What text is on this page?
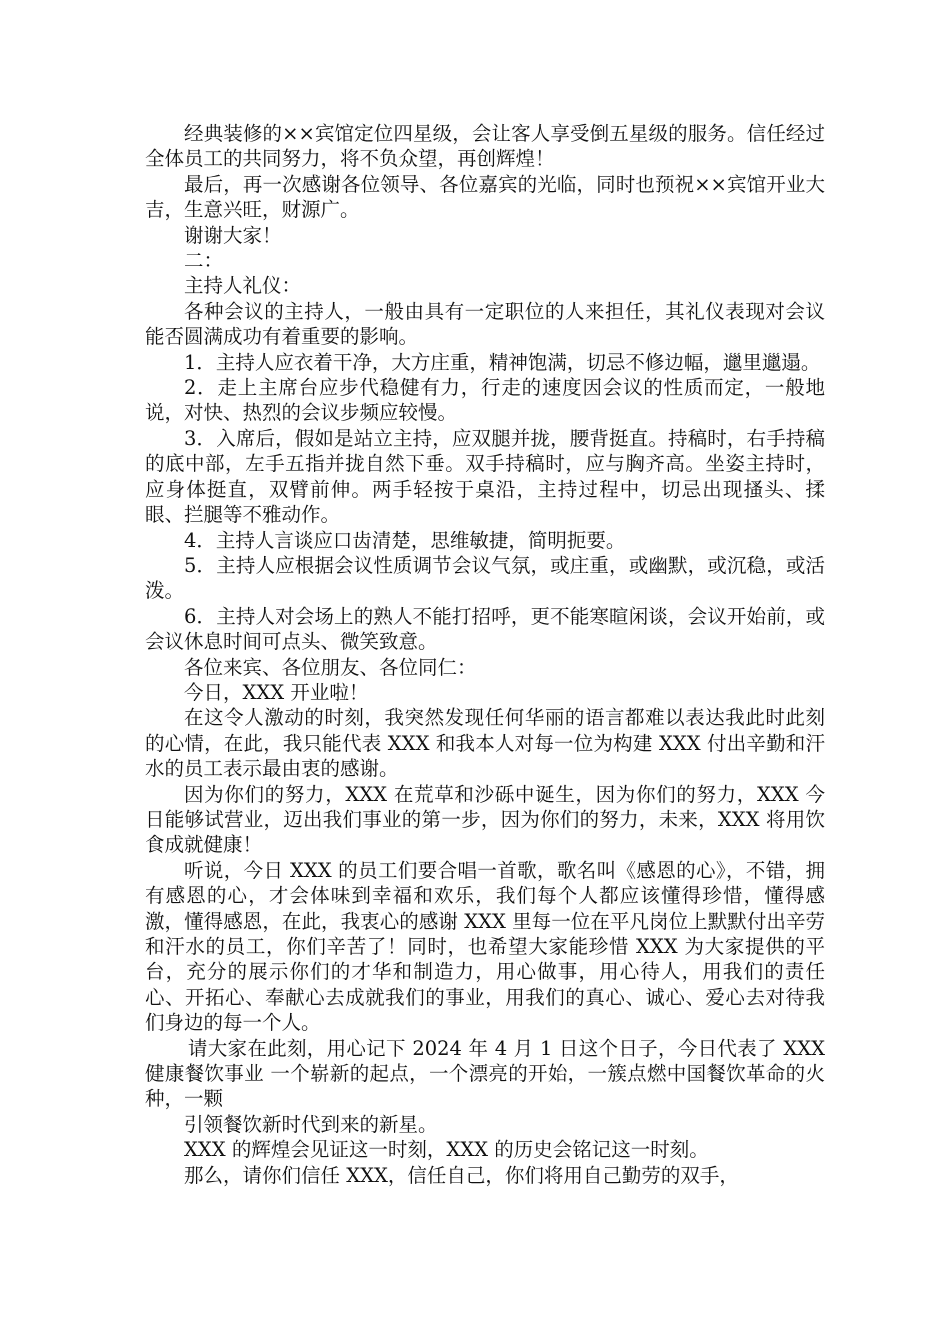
经典装修的××宾馆定位四星级，会让客人享受倒五星级的服务。信任经过全体员工的共同努力，将不负众望，再创辉煌！

最后，再一次感谢各位领导、各位嘉宾的光临，同时也预祝××宾馆开业大吉，生意兴旺，财源广。

谢谢大家！

二：

主持人礼仪：

各种会议的主持人，一般由具有一定职位的人来担任，其礼仪表现对会议能否圆满成功有着重要的影响。

1．主持人应衣着干净，大方庄重，精神饱满，切忌不修边幅，邋里邋遢。

2．走上主席台应步代稳健有力，行走的速度因会议的性质而定，一般地说，对快、热烈的会议步频应较慢。

3．入席后，假如是站立主持，应双腿并拢，腰背挺直。持稿时，右手持稿的底中部，左手五指并拢自然下垂。双手持稿时，应与胸齐高。坐姿主持时，应身体挺直，双臂前伸。两手轻按于桌沿，主持过程中，切忌出现搔头、揉眼、拦腿等不雅动作。

4．主持人言谈应口齿清楚，思维敏捷，简明扼要。

5．主持人应根据会议性质调节会议气氛，或庄重，或幽默，或沉稳，或活泼。

6．主持人对会场上的熟人不能打招呼，更不能寒暄闲谈，会议开始前，或会议休息时间可点头、微笑致意。

各位来宾、各位朋友、各位同仁：

今日，XXX 开业啦！

在这令人激动的时刻，我突然发现任何华丽的语言都难以表达我此时此刻的心情，在此，我只能代表 XXX 和我本人对每一位为构建 XXX 付出辛勤和汗水的员工表示最由衷的感谢。

因为你们的努力，XXX 在荒草和沙砾中诞生，因为你们的努力，XXX 今日能够试营业，迈出我们事业的第一步，因为你们的努力，未来，XXX 将用饮食成就健康！

听说，今日 XXX 的员工们要合唱一首歌，歌名叫《感恩的心》，不错，拥有感恩的心，才会体味到幸福和欢乐，我们每个人都应该懂得珍惜，懂得感激，懂得感恩，在此，我衷心的感谢 XXX 里每一位在平凡岗位上默默付出辛劳和汗水的员工，你们辛苦了！同时，也希望大家能珍惜 XXX 为大家提供的平台，充分的展示你们的才华和制造力，用心做事，用心待人，用我们的责任心、开拓心、奉献心去成就我们的事业，用我们的真心、诚心、爱心去对待我们身边的每一个人。

请大家在此刻，用心记下 2024 年 4 月 1 日这个日子，今日代表了 XXX 健康餐饮事业 一个崭新的起点，一个漂亮的开始，一簇点燃中国餐饮革命的火种，一颗

引领餐饮新时代到来的新星。

XXX 的辉煌会见证这一时刻，XXX 的历史会铭记这一时刻。

那么，请你们信任 XXX，信任自己，你们将用自己勤劳的双手，
